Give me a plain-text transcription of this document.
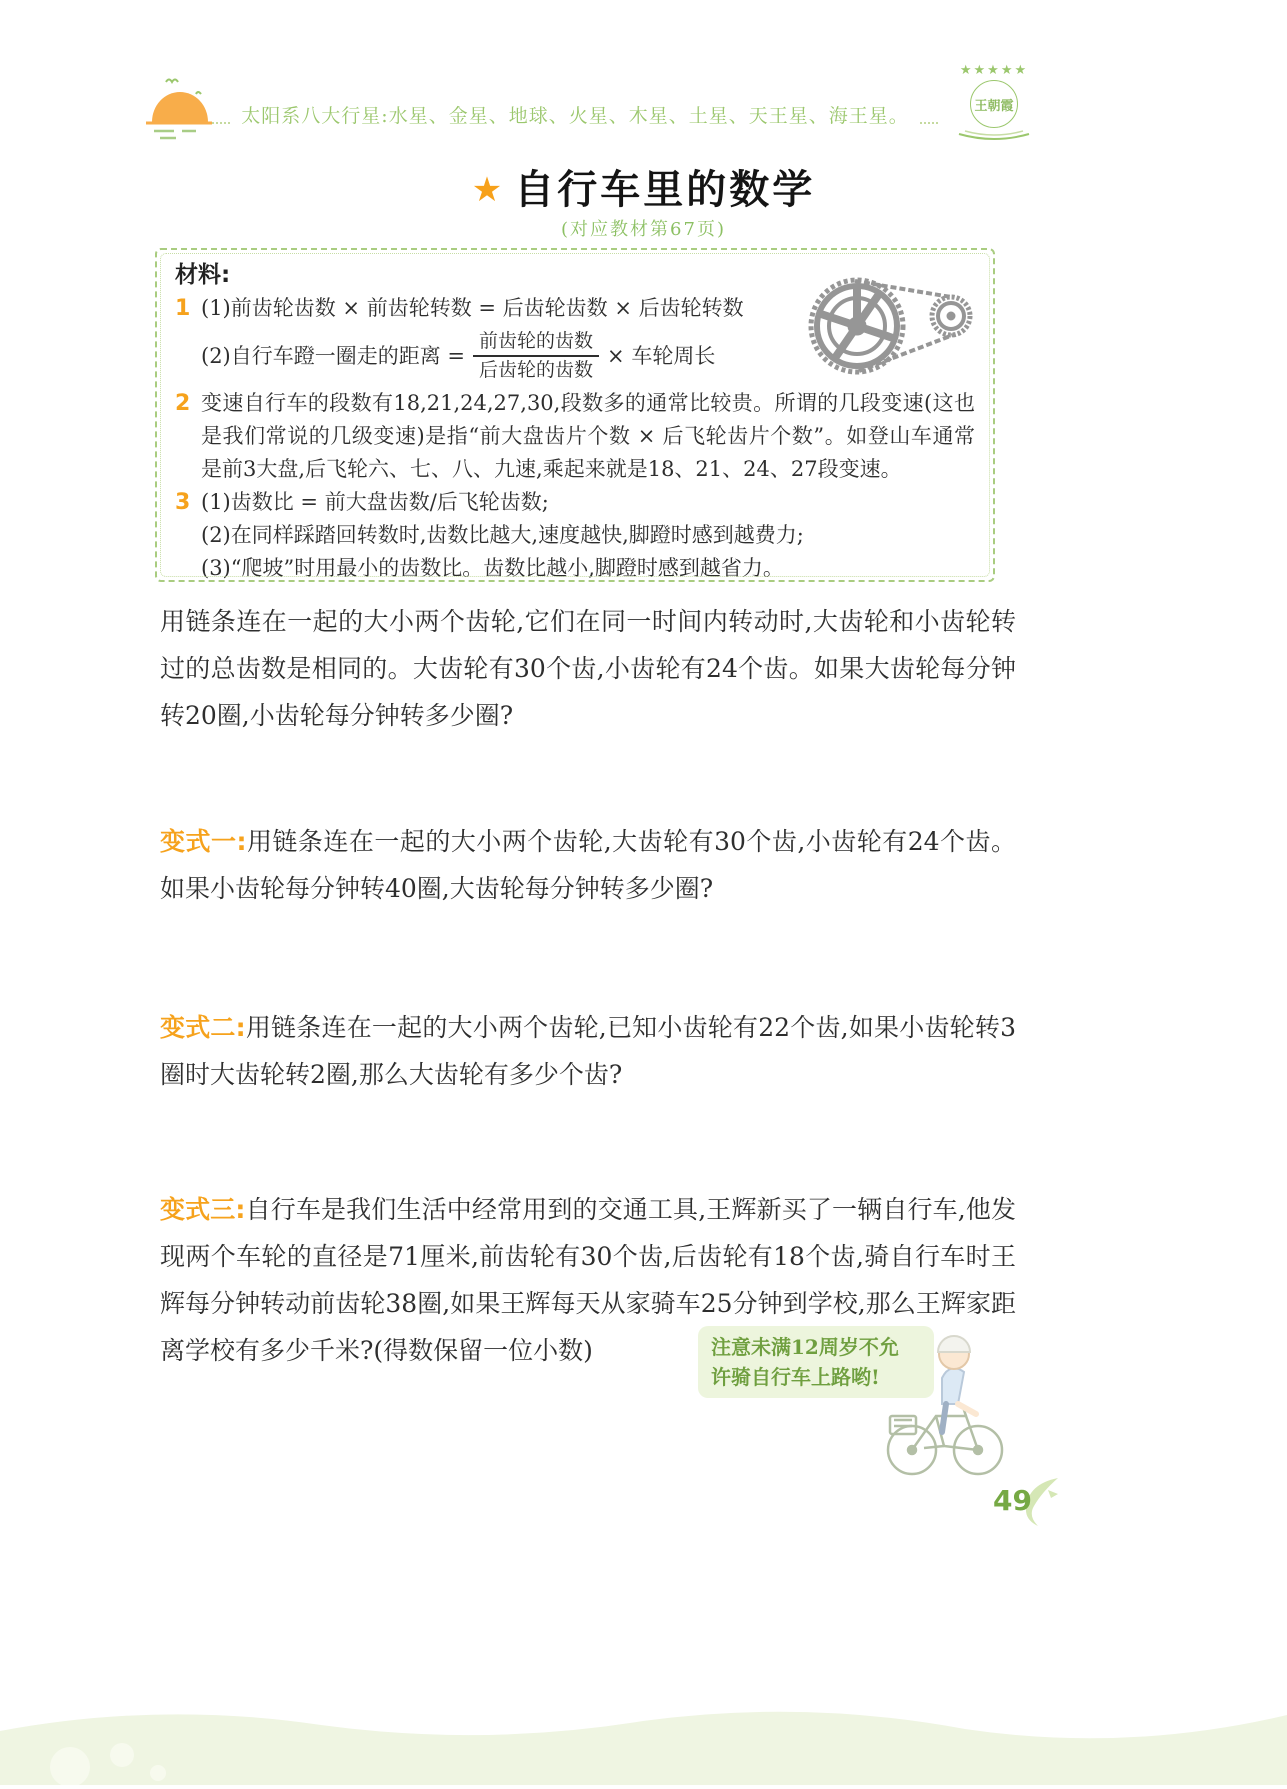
太阳系八大行星:水星、金星、地球、火星、木星、土星、天王星、海王星。
★★★★★
王朝霞
★ 自行车里的数学
(对应教材第67页)
材料:
1 (1)前齿轮齿数 × 前齿轮转数 = 后齿轮齿数 × 后齿轮转数
(2)自行车蹬一圈走的距离 = $\frac{\text{前齿轮的齿数}}{\text{后齿轮的齿数}}$ × 车轮周长
2 变速自行车的段数有18,21,24,27,30,段数多的通常比较贵。所谓的几段变速(这也是我们常说的几级变速)是指“前大盘齿片个数 × 后飞轮齿片个数”。如登山车通常是前3大盘,后飞轮六、七、八、九速,乘起来就是18、21、24、27段变速。
3 (1)齿数比 = 前大盘齿数/后飞轮齿数;
(2)在同样踩踏回转数时,齿数比越大,速度越快,脚蹬时感到越费力;
(3)“爬坡”时用最小的齿数比。齿数比越小,脚蹬时感到越省力。
用链条连在一起的大小两个齿轮,它们在同一时间内转动时,大齿轮和小齿轮转过的总齿数是相同的。大齿轮有30个齿,小齿轮有24个齿。如果大齿轮每分钟转20圈,小齿轮每分钟转多少圈?
变式一:用链条连在一起的大小两个齿轮,大齿轮有30个齿,小齿轮有24个齿。如果小齿轮每分钟转40圈,大齿轮每分钟转多少圈?
变式二:用链条连在一起的大小两个齿轮,已知小齿轮有22个齿,如果小齿轮转3圈时大齿轮转2圈,那么大齿轮有多少个齿?
变式三:自行车是我们生活中经常用到的交通工具,王辉新买了一辆自行车,他发现两个车轮的直径是71厘米,前齿轮有30个齿,后齿轮有18个齿,骑自行车时王辉每分钟转动前齿轮38圈,如果王辉每天从家骑车25分钟到学校,那么王辉家距离学校有多少千米?(得数保留一位小数)	注意未满12周岁不允
许骑自行车上路哟!
49
